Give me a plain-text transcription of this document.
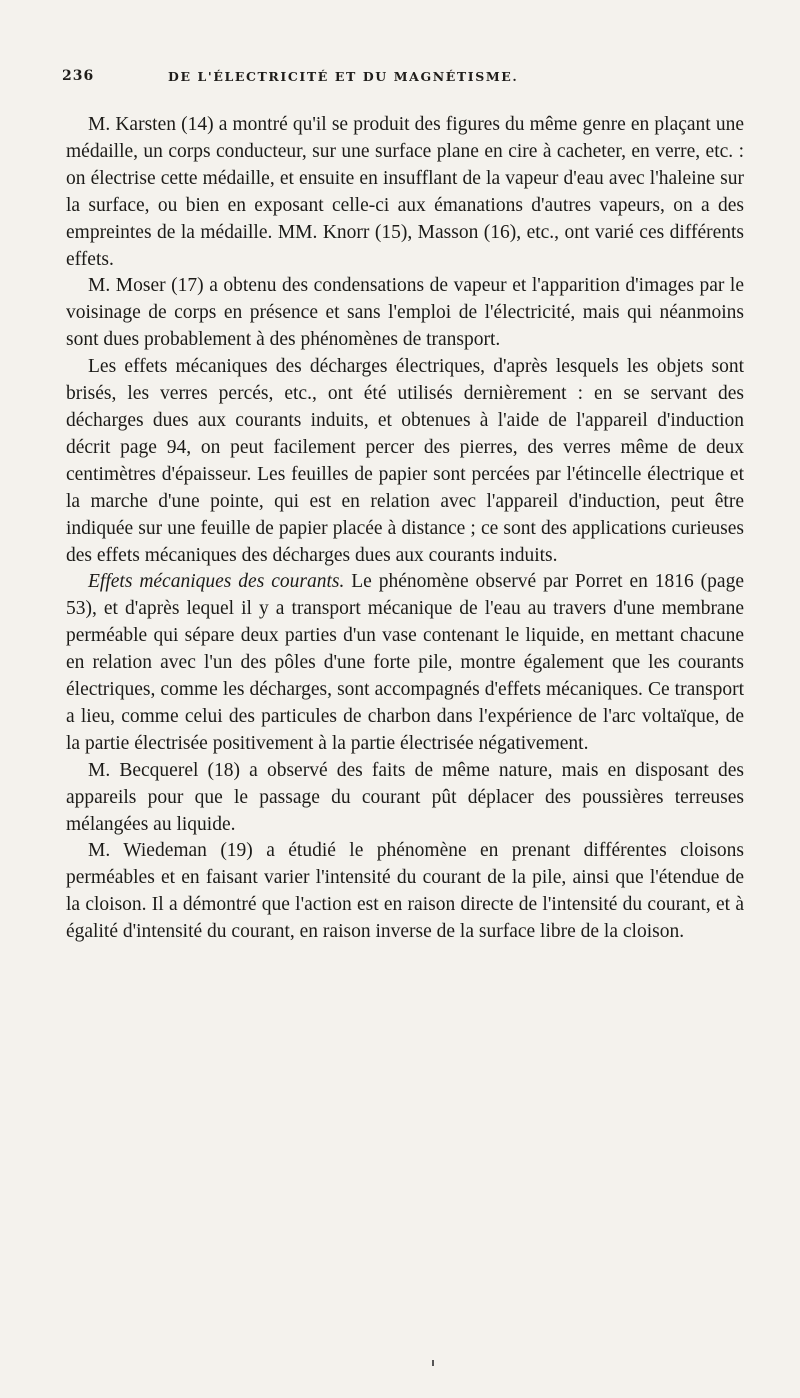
236	DE L'ÉLECTRICITÉ ET DU MAGNÉTISME.

M. Karsten (14) a montré qu'il se produit des figures du même genre en plaçant une médaille, un corps conducteur, sur une surface plane en cire à cacheter, en verre, etc. : on électrise cette médaille, et ensuite en insufflant de la vapeur d'eau avec l'haleine sur la surface, ou bien en exposant celle-ci aux émanations d'autres vapeurs, on a des empreintes de la médaille. MM. Knorr (15), Masson (16), etc., ont varié ces différents effets.

M. Moser (17) a obtenu des condensations de vapeur et l'apparition d'images par le voisinage de corps en présence et sans l'emploi de l'électricité, mais qui néanmoins sont dues probablement à des phénomènes de transport.

Les effets mécaniques des décharges électriques, d'après lesquels les objets sont brisés, les verres percés, etc., ont été utilisés dernièrement : en se servant des décharges dues aux courants induits, et obtenues à l'aide de l'appareil d'induction décrit page 94, on peut facilement percer des pierres, des verres même de deux centimètres d'épaisseur. Les feuilles de papier sont percées par l'étincelle électrique et la marche d'une pointe, qui est en relation avec l'appareil d'induction, peut être indiquée sur une feuille de papier placée à distance ; ce sont des applications curieuses des effets mécaniques des décharges dues aux courants induits.

Effets mécaniques des courants. Le phénomène observé par Porret en 1816 (page 53), et d'après lequel il y a transport mécanique de l'eau au travers d'une membrane perméable qui sépare deux parties d'un vase contenant le liquide, en mettant chacune en relation avec l'un des pôles d'une forte pile, montre également que les courants électriques, comme les décharges, sont accompagnés d'effets mécaniques. Ce transport a lieu, comme celui des particules de charbon dans l'expérience de l'arc voltaïque, de la partie électrisée positivement à la partie électrisée négativement.

M. Becquerel (18) a observé des faits de même nature, mais en disposant des appareils pour que le passage du courant pût déplacer des poussières terreuses mélangées au liquide.

M. Wiedeman (19) a étudié le phénomène en prenant différentes cloisons perméables et en faisant varier l'intensité du courant de la pile, ainsi que l'étendue de la cloison. Il a démontré que l'action est en raison directe de l'intensité du courant, et à égalité d'intensité du courant, en raison inverse de la surface libre de la cloison.
